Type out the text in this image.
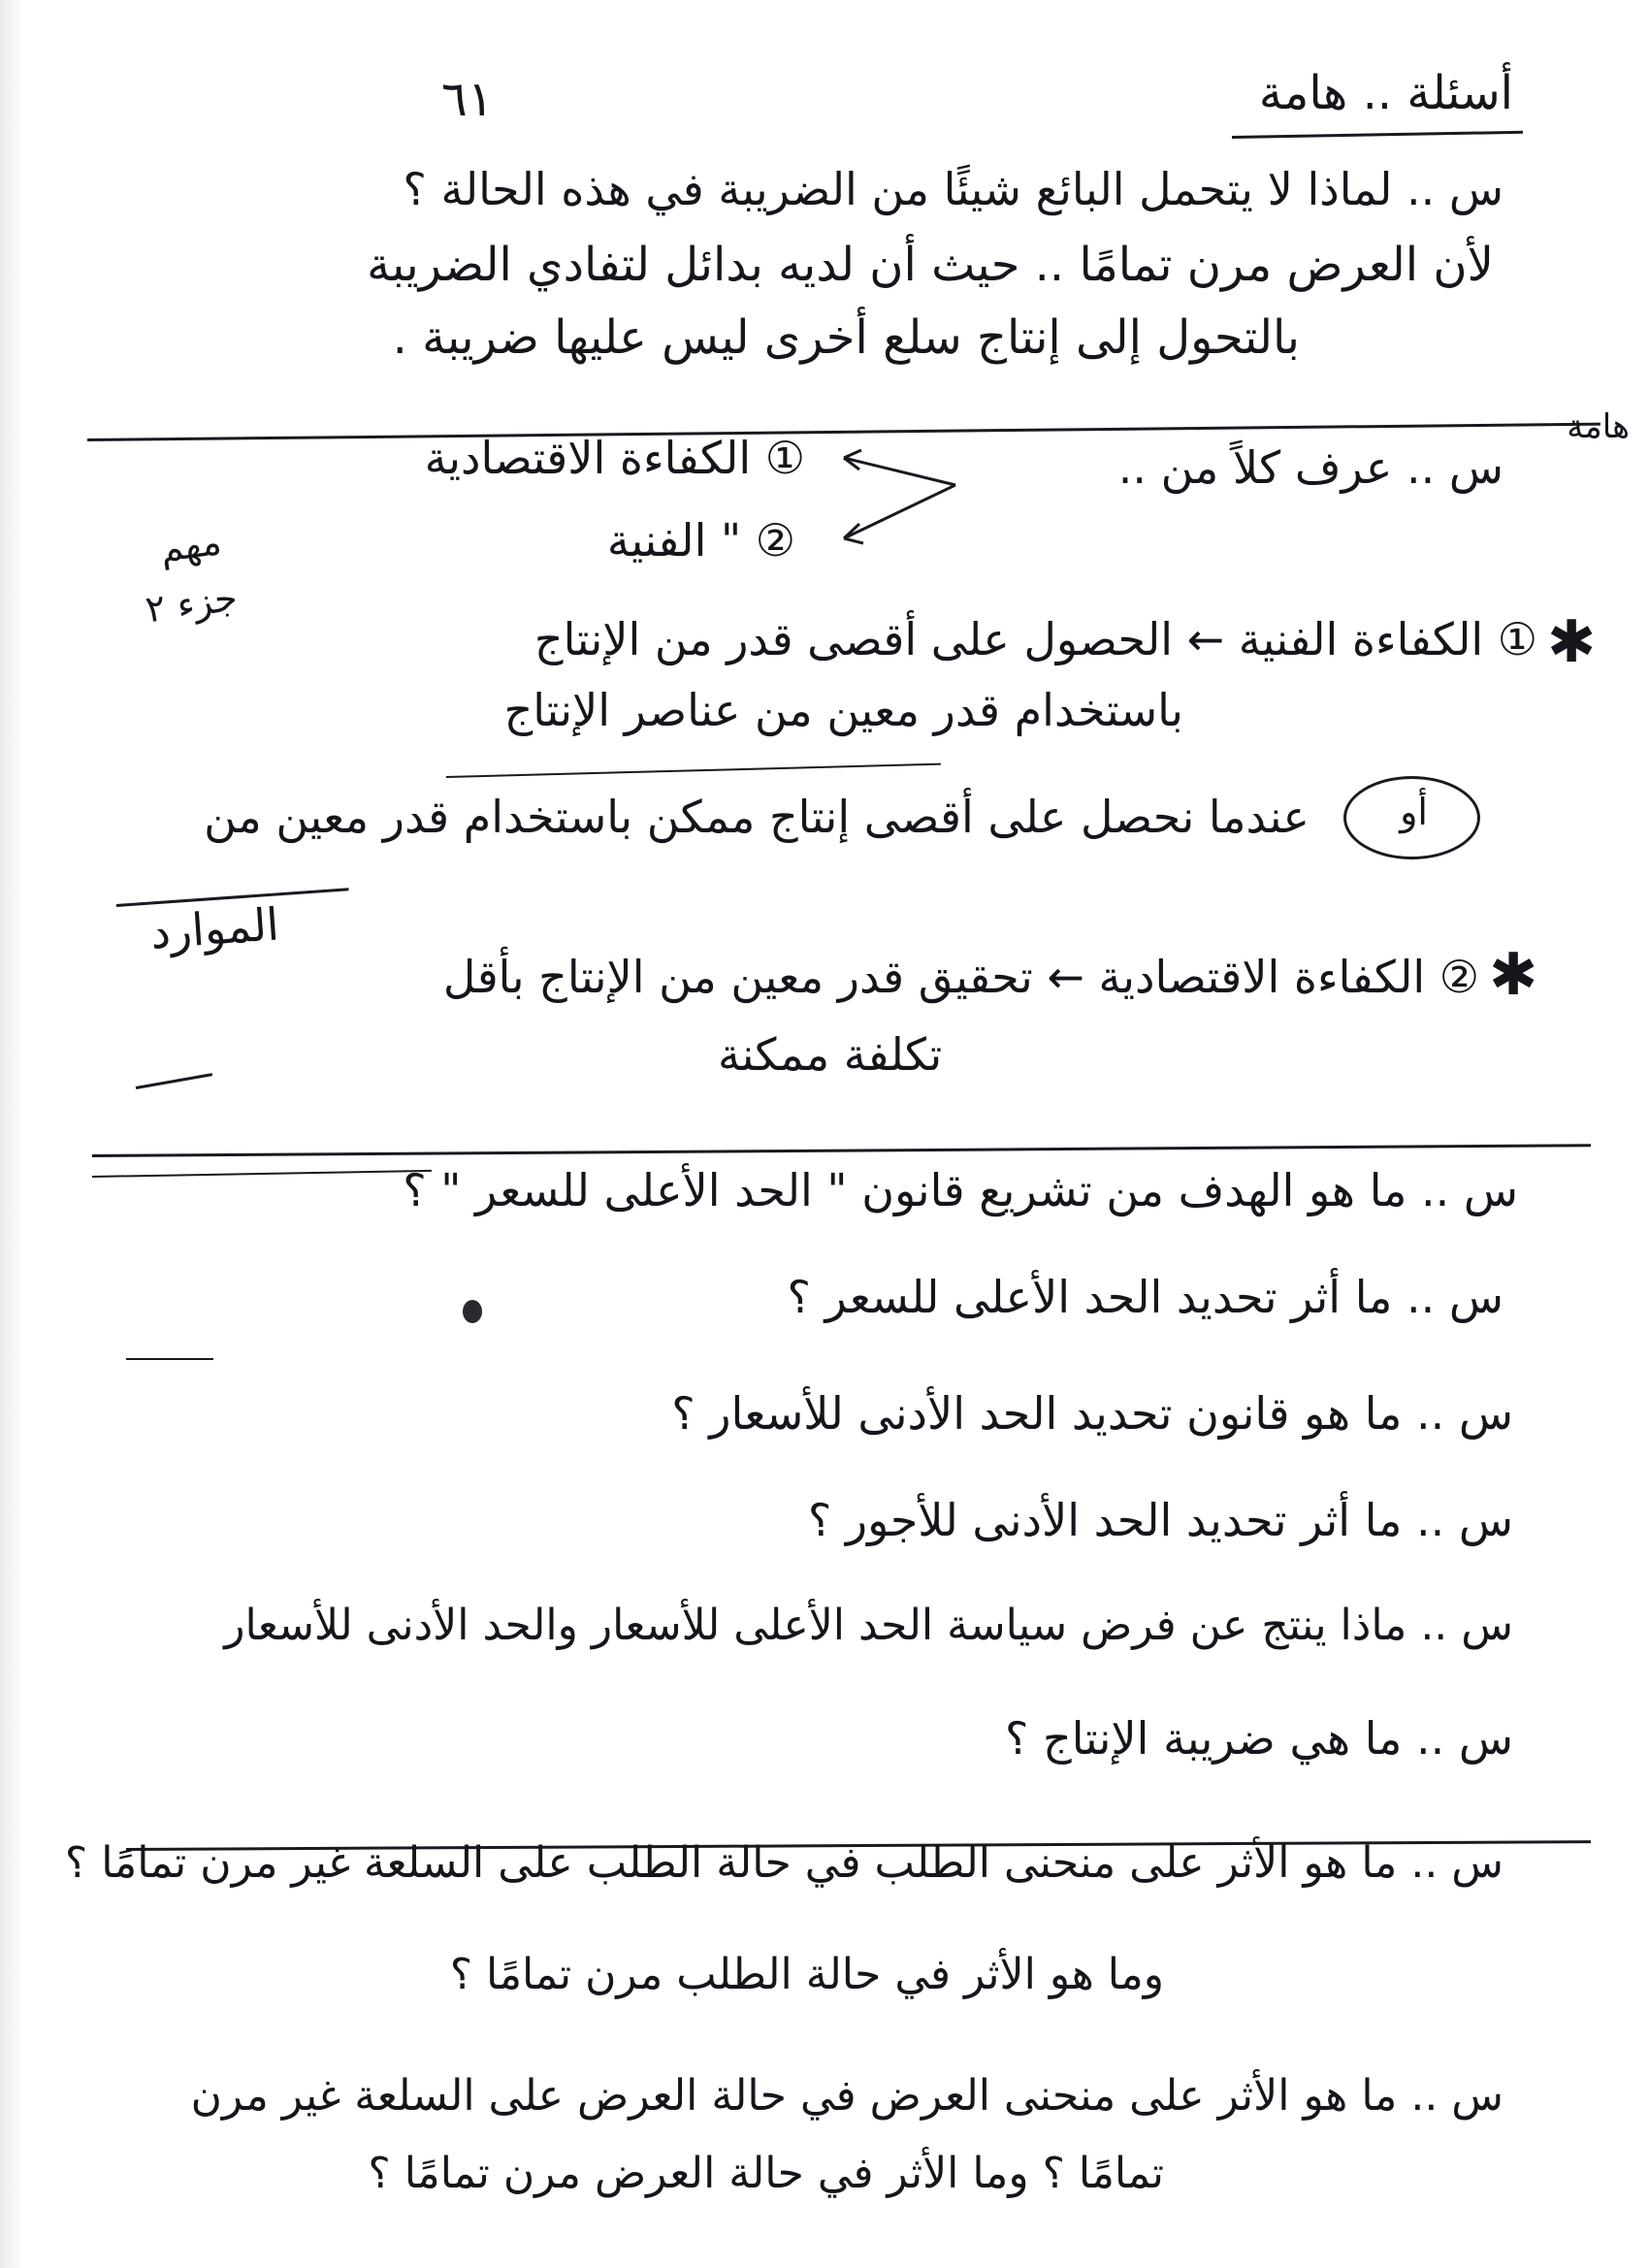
٦١	أسئلة .. هامة
س .. لماذا لا يتحمل البائع شيئًا من الضريبة في هذه الحالة ؟
لأن العرض مرن تمامًا .. حيث أن لديه بدائل لتفادي الضريبة
بالتحول إلى إنتاج سلع أخرى ليس عليها ضريبة .
هامة
س .. عرف كلاً من ..
① الكفاءة الاقتصادية
② " الفنية
مهم
جزء ٢
✱
① الكفاءة الفنية ← الحصول على أقصى قدر من الإنتاج
باستخدام قدر معين من عناصر الإنتاج
أو
عندما نحصل على أقصى إنتاج ممكن باستخدام قدر معين من
الموارد
✱
② الكفاءة الاقتصادية ← تحقيق قدر معين من الإنتاج بأقل
تكلفة ممكنة
س .. ما هو الهدف من تشريع قانون " الحد الأعلى للسعر " ؟
س .. ما أثر تحديد الحد الأعلى للسعر ؟
س .. ما هو قانون تحديد الحد الأدنى للأسعار ؟
س .. ما أثر تحديد الحد الأدنى للأجور ؟
س .. ماذا ينتج عن فرض سياسة الحد الأعلى للأسعار والحد الأدنى للأسعار
س .. ما هي ضريبة الإنتاج ؟
س .. ما هو الأثر على منحنى الطلب في حالة الطلب على السلعة غير مرن تمامًا ؟
وما هو الأثر في حالة الطلب مرن تمامًا ؟
س .. ما هو الأثر على منحنى العرض في حالة العرض على السلعة غير مرن
تمامًا ؟ وما الأثر في حالة العرض مرن تمامًا ؟
